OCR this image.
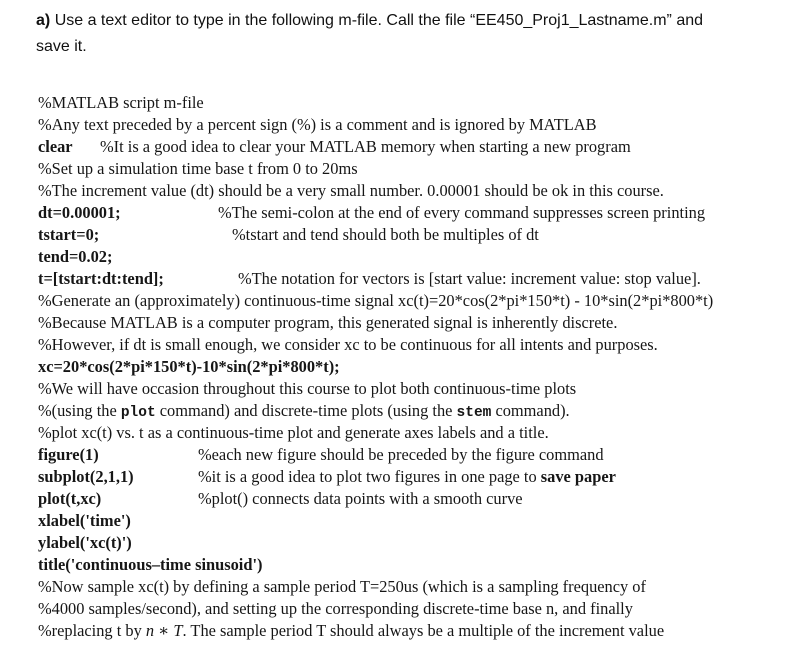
a) Use a text editor to type in the following m-file. Call the file “EE450_Proj1_Lastname.m” and
save it.
%MATLAB script m-file
%Any text preceded by a percent sign (%) is a comment and is ignored by MATLAB
clear %It is a good idea to clear your MATLAB memory when starting a new program
%Set up a simulation time base t from 0 to 20ms
%The increment value (dt) should be a very small number. 0.00001 should be ok in this course.
dt=0.00001;	%The semi-colon at the end of every command suppresses screen printing
tstart=0;	%tstart and tend should both be multiples of dt
tend=0.02;
t=[tstart:dt:tend];	%The notation for vectors is [start value: increment value: stop value].
%Generate an (approximately) continuous-time signal xc(t)=20*cos(2*pi*150*t) - 10*sin(2*pi*800*t)
%Because MATLAB is a computer program, this generated signal is inherently discrete.
%However, if dt is small enough, we consider xc to be continuous for all intents and purposes.
xc=20*cos(2*pi*150*t)-10*sin(2*pi*800*t);
%We will have occasion throughout this course to plot both continuous-time plots
%(using the plot command) and discrete-time plots (using the stem command).
%plot xc(t) vs. t as a continuous-time plot and generate axes labels and a title.
figure(1)	%each new figure should be preceded by the figure command
subplot(2,1,1)	%it is a good idea to plot two figures in one page to save paper
plot(t,xc)	%plot() connects data points with a smooth curve
xlabel('time')
ylabel('xc(t)')
title('continuous–time sinusoid')
%Now sample xc(t) by defining a sample period T=250us (which is a sampling frequency of
%4000 samples/second), and setting up the corresponding discrete-time base n, and finally
%replacing t by n ∗ T. The sample period T should always be a multiple of the increment value
